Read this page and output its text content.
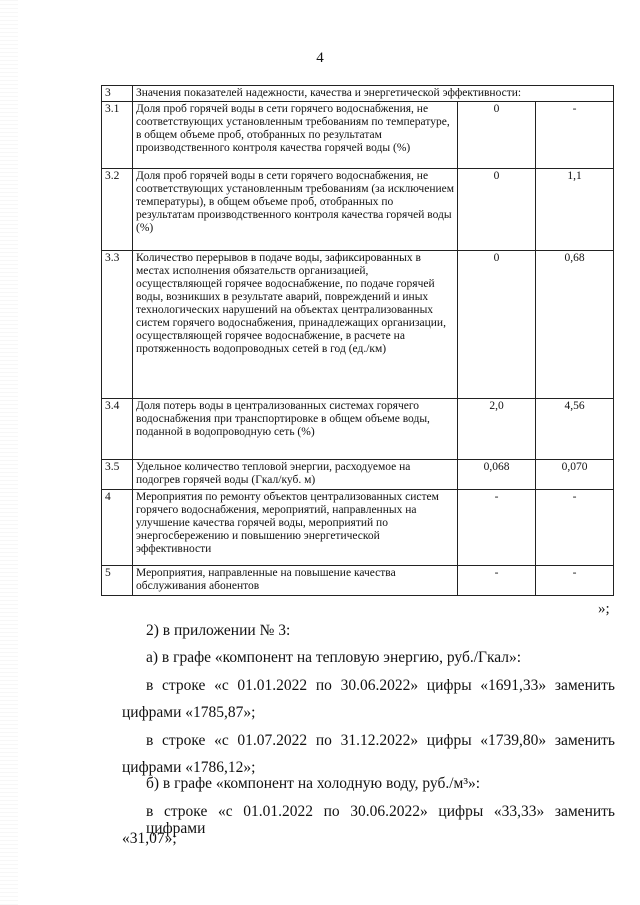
4
3	Значения показателей надежности, качества и энергетической эффективности:		
3.1	Доля проб горячей воды в сети горячего водоснабжения, не соответствующих установленным требованиям по температуре, в общем объеме проб, отобранных по результатам производственного контроля качества горячей воды (%)	0	-
3.2	Доля проб горячей воды в сети горячего водоснабжения, не соответствующих установленным требованиям (за исключением температуры), в общем объеме проб, отобранных по результатам производственного контроля качества горячей воды (%)	0	1,1
3.3	Количество перерывов в подаче воды, зафиксированных в местах исполнения обязательств организацией, осуществляющей горячее водоснабжение, по подаче горячей воды, возникших в результате аварий, повреждений и иных технологических нарушений на объектах централизованных систем горячего водоснабжения, принадлежащих организации, осуществляющей горячее водоснабжение, в расчете на протяженность водопроводных сетей в год (ед./км)	0	0,68
3.4	Доля потерь воды в централизованных системах горячего водоснабжения при транспортировке в общем объеме воды, поданной в водопроводную сеть (%)	2,0	4,56
3.5	Удельное количество тепловой энергии, расходуемое на подогрев горячей воды (Гкал/куб. м)	0,068	0,070
4	Мероприятия по ремонту объектов централизованных систем горячего водоснабжения, мероприятий, направленных на улучшение качества горячей воды, мероприятий по энергосбережению и повышению энергетической эффективности	-	-
5	Мероприятия, направленные на повышение качества обслуживания абонентов	-	-
»;
2) в приложении № 3:
а) в графе «компонент на тепловую энергию, руб./Гкал»:
в строке «с 01.01.2022 по 30.06.2022» цифры «1691,33» заменить
цифрами «1785,87»;
в строке «с 01.07.2022 по 31.12.2022» цифры «1739,80» заменить
цифрами «1786,12»;
б) в графе «компонент на холодную воду, руб./м³»:
в строке «с 01.01.2022 по 30.06.2022» цифры «33,33» заменить цифрами
«31,07»;
